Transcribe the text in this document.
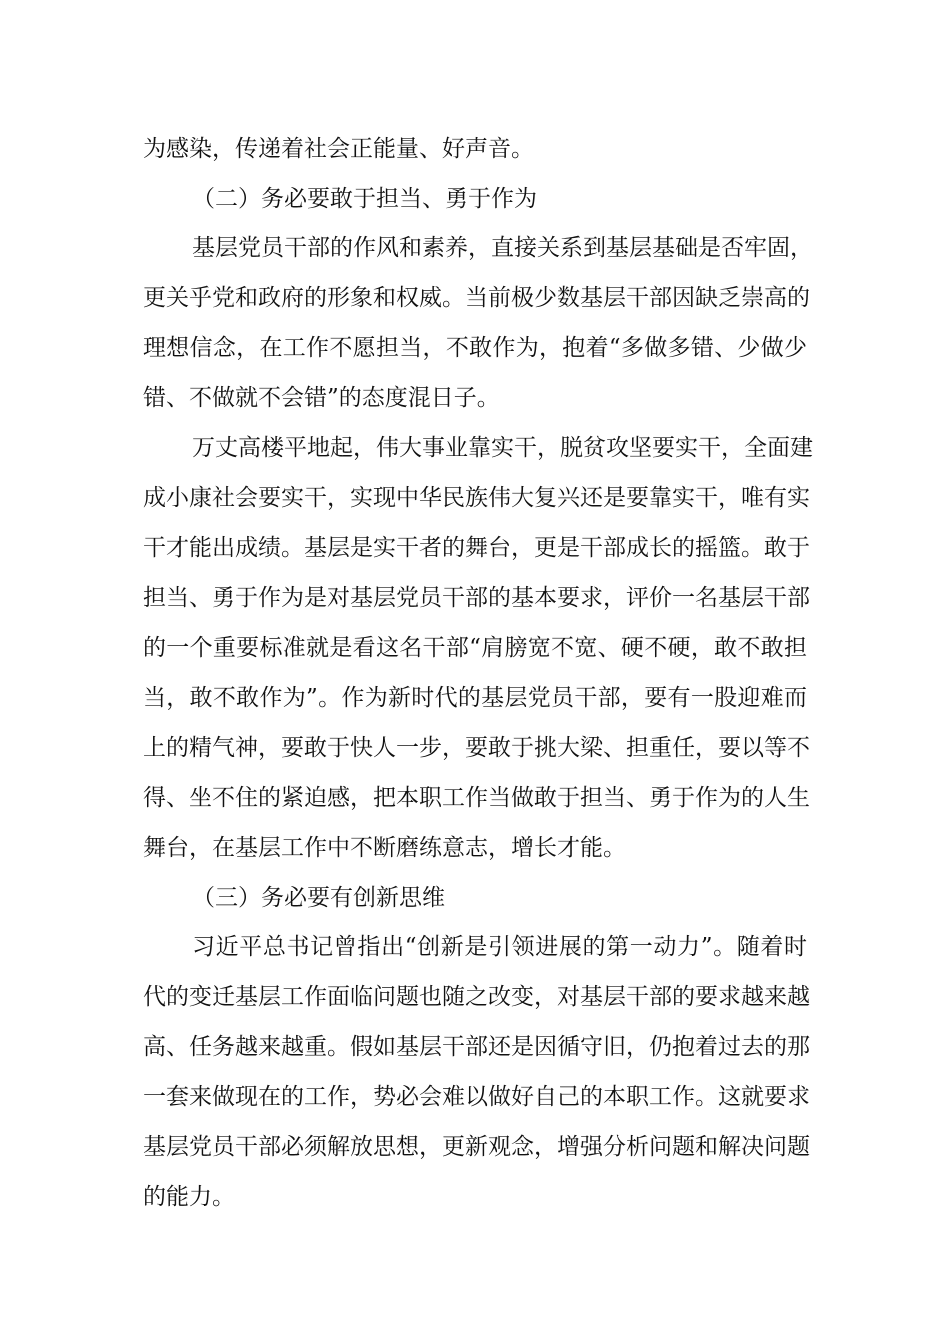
为感染，传递着社会正能量、好声音。
（二）务必要敢于担当、勇于作为
基层党员干部的作风和素养，直接关系到基层基础是否牢固，
更关乎党和政府的形象和权威。当前极少数基层干部因缺乏崇高的
理想信念，在工作不愿担当，不敢作为，抱着“多做多错、少做少
错、不做就不会错”的态度混日子。
万丈高楼平地起，伟大事业靠实干，脱贫攻坚要实干，全面建
成小康社会要实干，实现中华民族伟大复兴还是要靠实干，唯有实
干才能出成绩。基层是实干者的舞台，更是干部成长的摇篮。敢于
担当、勇于作为是对基层党员干部的基本要求，评价一名基层干部
的一个重要标准就是看这名干部“肩膀宽不宽、硬不硬，敢不敢担
当，敢不敢作为”。作为新时代的基层党员干部，要有一股迎难而
上的精气神，要敢于快人一步，要敢于挑大梁、担重任，要以等不
得、坐不住的紧迫感，把本职工作当做敢于担当、勇于作为的人生
舞台，在基层工作中不断磨练意志，增长才能。
（三）务必要有创新思维
习近平总书记曾指出“创新是引领进展的第一动力”。随着时
代的变迁基层工作面临问题也随之改变，对基层干部的要求越来越
高、任务越来越重。假如基层干部还是因循守旧，仍抱着过去的那
一套来做现在的工作，势必会难以做好自己的本职工作。这就要求
基层党员干部必须解放思想，更新观念，增强分析问题和解决问题
的能力。
